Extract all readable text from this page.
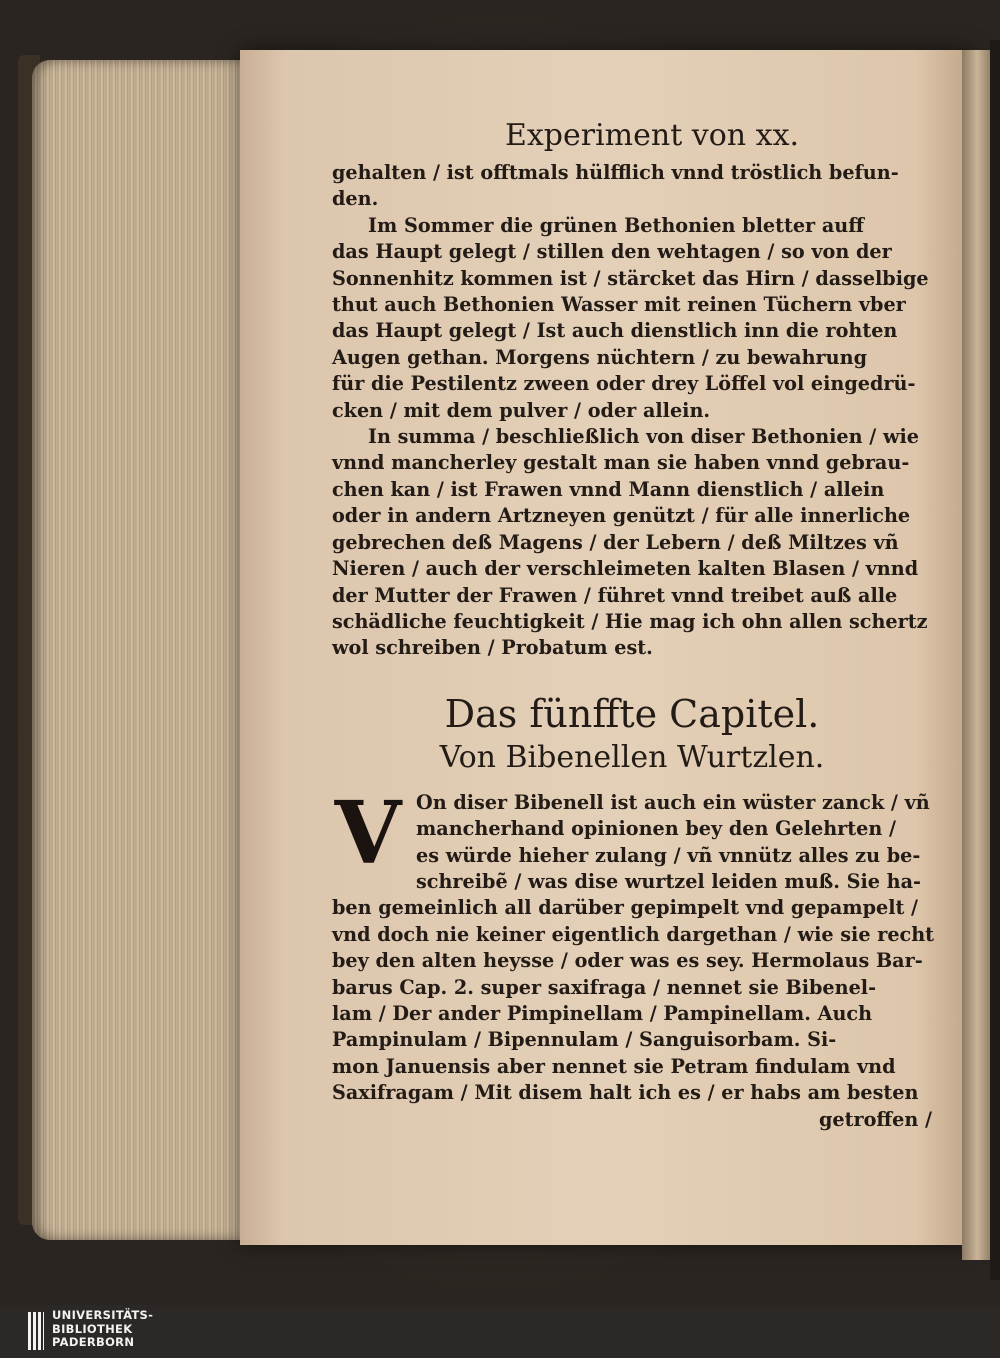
Experiment von xx.
gehalten / ist offtmals hülfflich vnnd tröstlich befun-
den.
Im Sommer die grünen Bethonien bletter auff
das Haupt gelegt / stillen den wehtagen / so von der
Sonnenhitz kommen ist / stärcket das Hirn / dasselbige
thut auch Bethonien Wasser mit reinen Tüchern vber
das Haupt gelegt / Ist auch dienstlich inn die rohten
Augen gethan. Morgens nüchtern / zu bewahrung
für die Pestilentz zween oder drey Löffel vol eingedrü-
cken / mit dem pulver / oder allein.
In summa / beschließlich von diser Bethonien / wie
vnnd mancherley gestalt man sie haben vnnd gebrau-
chen kan / ist Frawen vnnd Mann dienstlich / allein
oder in andern Artzneyen genützt / für alle innerliche
gebrechen deß Magens / der Lebern / deß Miltzes vñ
Nieren / auch der verschleimeten kalten Blasen / vnnd
der Mutter der Frawen / führet vnnd treibet auß alle
schädliche feuchtigkeit / Hie mag ich ohn allen schertz
wol schreiben / Probatum est.
Das fünffte Capitel.
Von Bibenellen Wurtzlen.
V On diser Bibenell ist auch ein wüster zanck / vñ
mancherhand opinionen bey den Gelehrten /
es würde hieher zulang / vñ vnnütz alles zu be-
schreibẽ / was dise wurtzel leiden muß. Sie ha-
ben gemeinlich all darüber gepimpelt vnd gepampelt /
vnd doch nie keiner eigentlich dargethan / wie sie recht
bey den alten heysse / oder was es sey. Hermolaus Bar-
barus Cap. 2. super saxifraga / nennet sie Bibenel-
lam / Der ander Pimpinellam / Pampinellam. Auch
Pampinulam / Bipennulam / Sanguisorbam. Si-
mon Januensis aber nennet sie Petram findulam vnd
Saxifragam / Mit disem halt ich es / er habs am besten
getroffen /
UNIVERSITÄTS-
BIBLIOTHEK
PADERBORN
